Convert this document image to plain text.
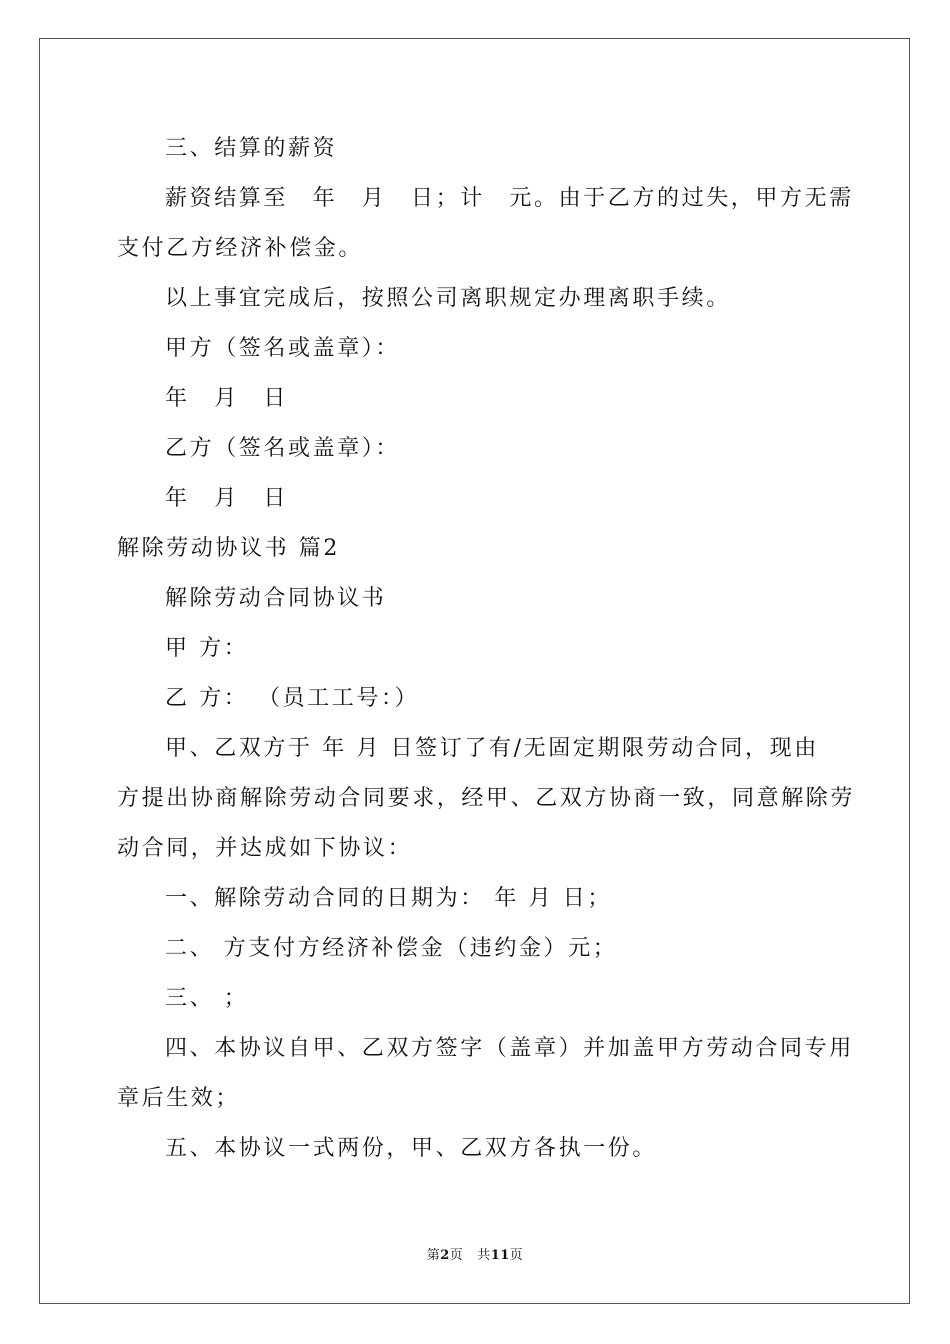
三、结算的薪资
薪资结算至　年　月　日；计　元。由于乙方的过失，甲方无需
支付乙方经济补偿金。
以上事宜完成后，按照公司离职规定办理离职手续。
甲方（签名或盖章）：
年　月　日
乙方（签名或盖章）：
年　月　日
解除劳动协议书 篇2
解除劳动合同协议书
甲 方：
乙 方： （员工工号：）
甲、乙双方于 年 月 日签订了有/无固定期限劳动合同，现由
方提出协商解除劳动合同要求，经甲、乙双方协商一致，同意解除劳
动合同，并达成如下协议：
一、解除劳动合同的日期为： 年 月 日；
二、 方支付方经济补偿金（违约金）元；
三、 ；
四、本协议自甲、乙双方签字（盖章）并加盖甲方劳动合同专用
章后生效；
五、本协议一式两份，甲、乙双方各执一份。
第2页 共11页
